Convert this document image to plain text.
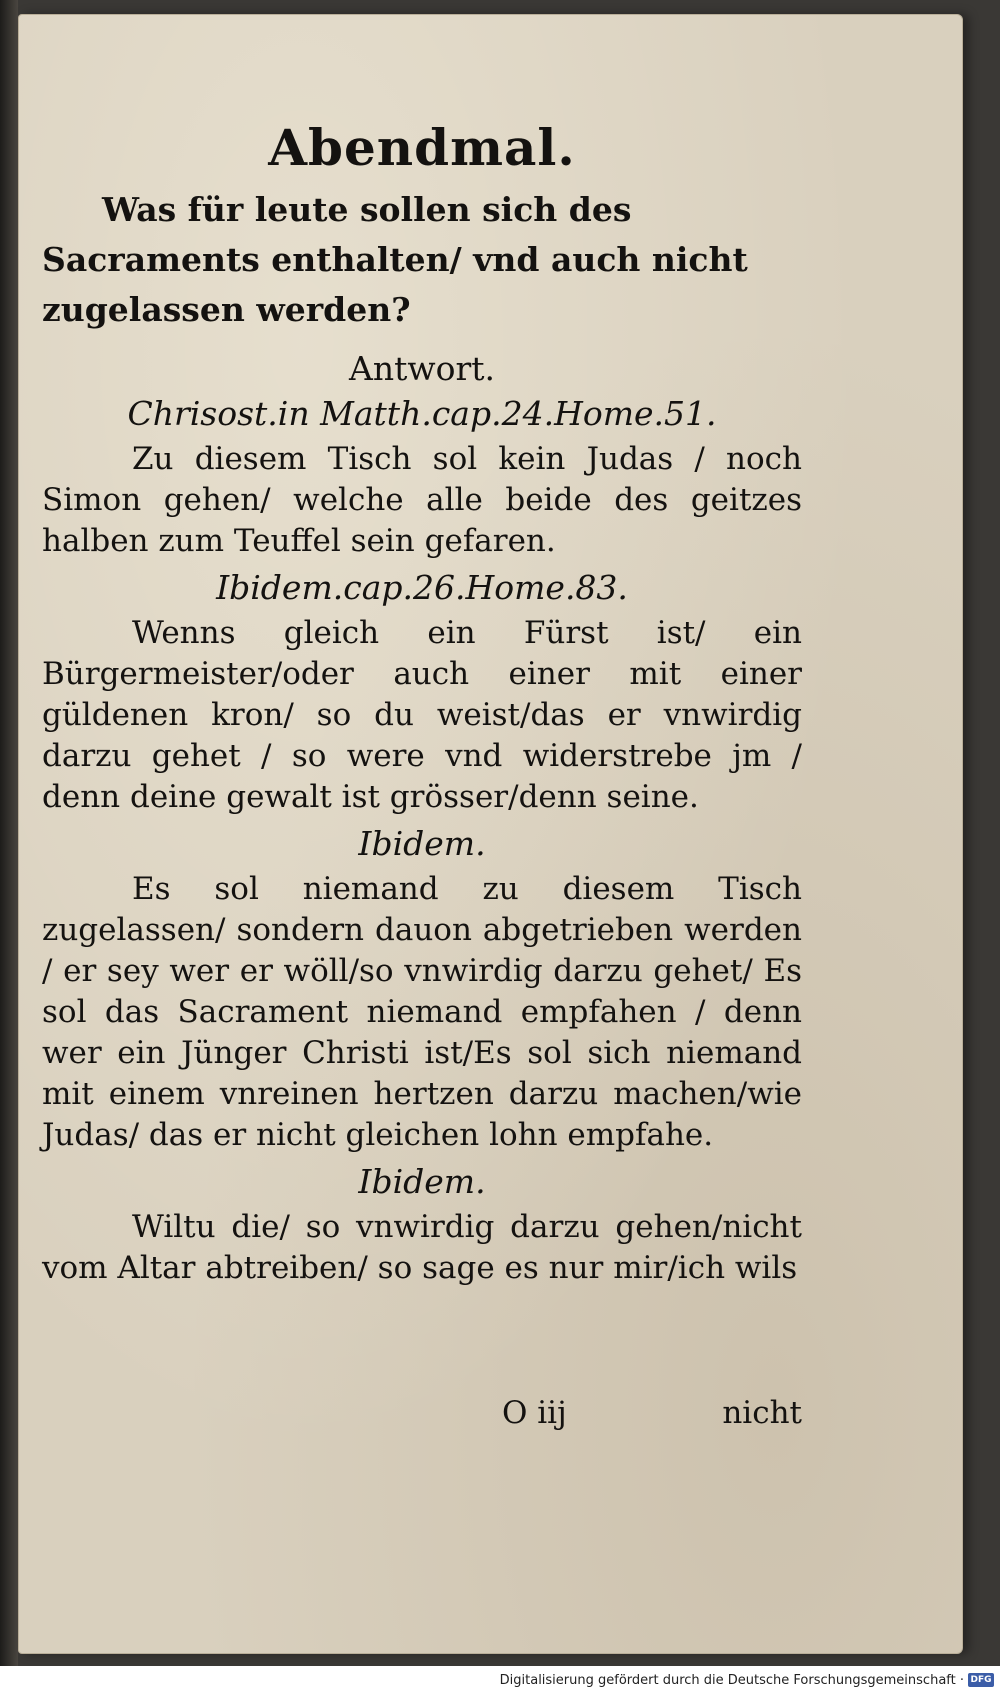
Abendmal.

Was für leute sollen sich des Sacraments enthalten/ vnd auch nicht zugelassen werden?

Antwort.
Chrisost.in Matth.cap.24.Home.51.

Zu diesem Tisch sol kein Judas / noch Simon gehen/ welche alle beide des geitzes halben zum Teuffel sein gefaren.

Ibidem.cap.26.Home.83.

Wenns gleich ein Fürst ist/ ein Bürgermeister/oder auch einer mit einer güldenen kron/ so du weist/das er vnwirdig darzu gehet / so were vnd widerstrebe jm / denn deine gewalt ist grösser/denn seine.

Ibidem.

Es sol niemand zu diesem Tisch zugelassen/ sondern dauon abgetrieben werden / er sey wer er wöll/so vnwirdig darzu gehet/ Es sol das Sacrament niemand empfahen / denn wer ein Jünger Christi ist/Es sol sich niemand mit einem vnreinen hertzen darzu machen/wie Judas/ das er nicht gleichen lohn empfahe.

Ibidem.

Wiltu die/ so vnwirdig darzu gehen/nicht vom Altar abtreiben/ so sage es nur mir/ich wils

O iij	nicht
Digitalisierung gefördert durch die Deutsche Forschungsgemeinschaft · DFG
